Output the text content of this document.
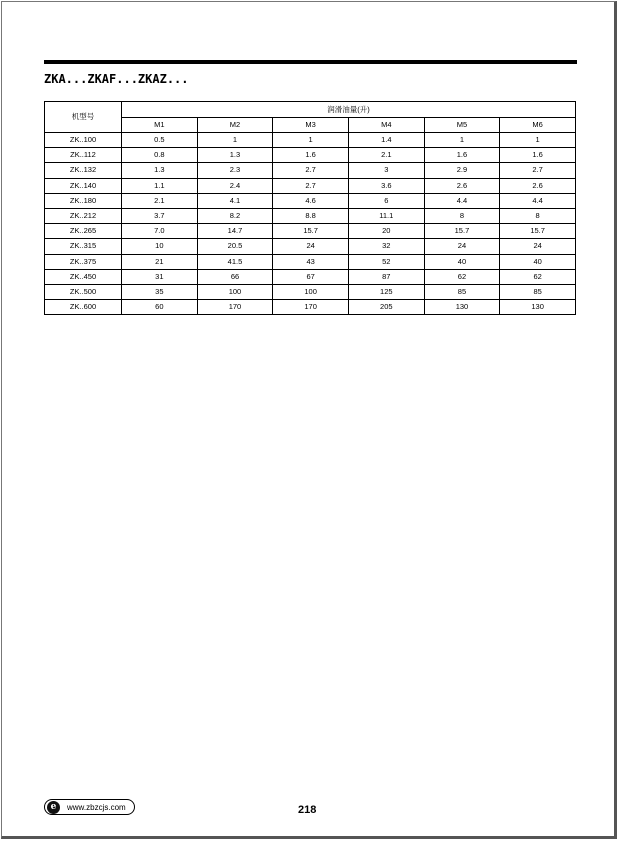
ZKA...ZKAF...ZKAZ...
机型号	润滑油量(升)					
	M1	M2	M3	M4	M5	M6
ZK..100	0.5	1	1	1.4	1	1
ZK..112	0.8	1.3	1.6	2.1	1.6	1.6
ZK..132	1.3	2.3	2.7	3	2.9	2.7
ZK..140	1.1	2.4	2.7	3.6	2.6	2.6
ZK..180	2.1	4.1	4.6	6	4.4	4.4
ZK..212	3.7	8.2	8.8	11.1	8	8
ZK..265	7.0	14.7	15.7	20	15.7	15.7
ZK..315	10	20.5	24	32	24	24
ZK..375	21	41.5	43	52	40	40
ZK..450	31	66	67	87	62	62
ZK..500	35	100	100	125	85	85
ZK..600	60	170	170	205	130	130
e	www.zbzcjs.com	218
